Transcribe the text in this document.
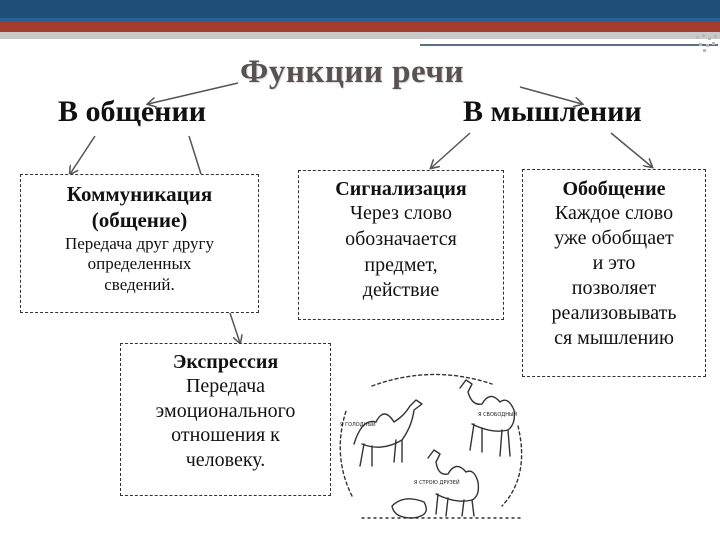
Функции речи
В общении	В мышлении
Коммуникация
(общение)
Передача друг другу
определенных
сведений.
Сигнализация
Через слово
обозначается
предмет,
действие
Обобщение
Каждое слово
уже обобщает
и это
позволяет
реализовывать
ся мышлению
Экспрессия
Передача
эмоционального
отношения к
человеку.
Я ГОЛОДНЫЙ
Я СВОБОДНЫЙ
Я СТРОЮ ДРУЗЕЙ
